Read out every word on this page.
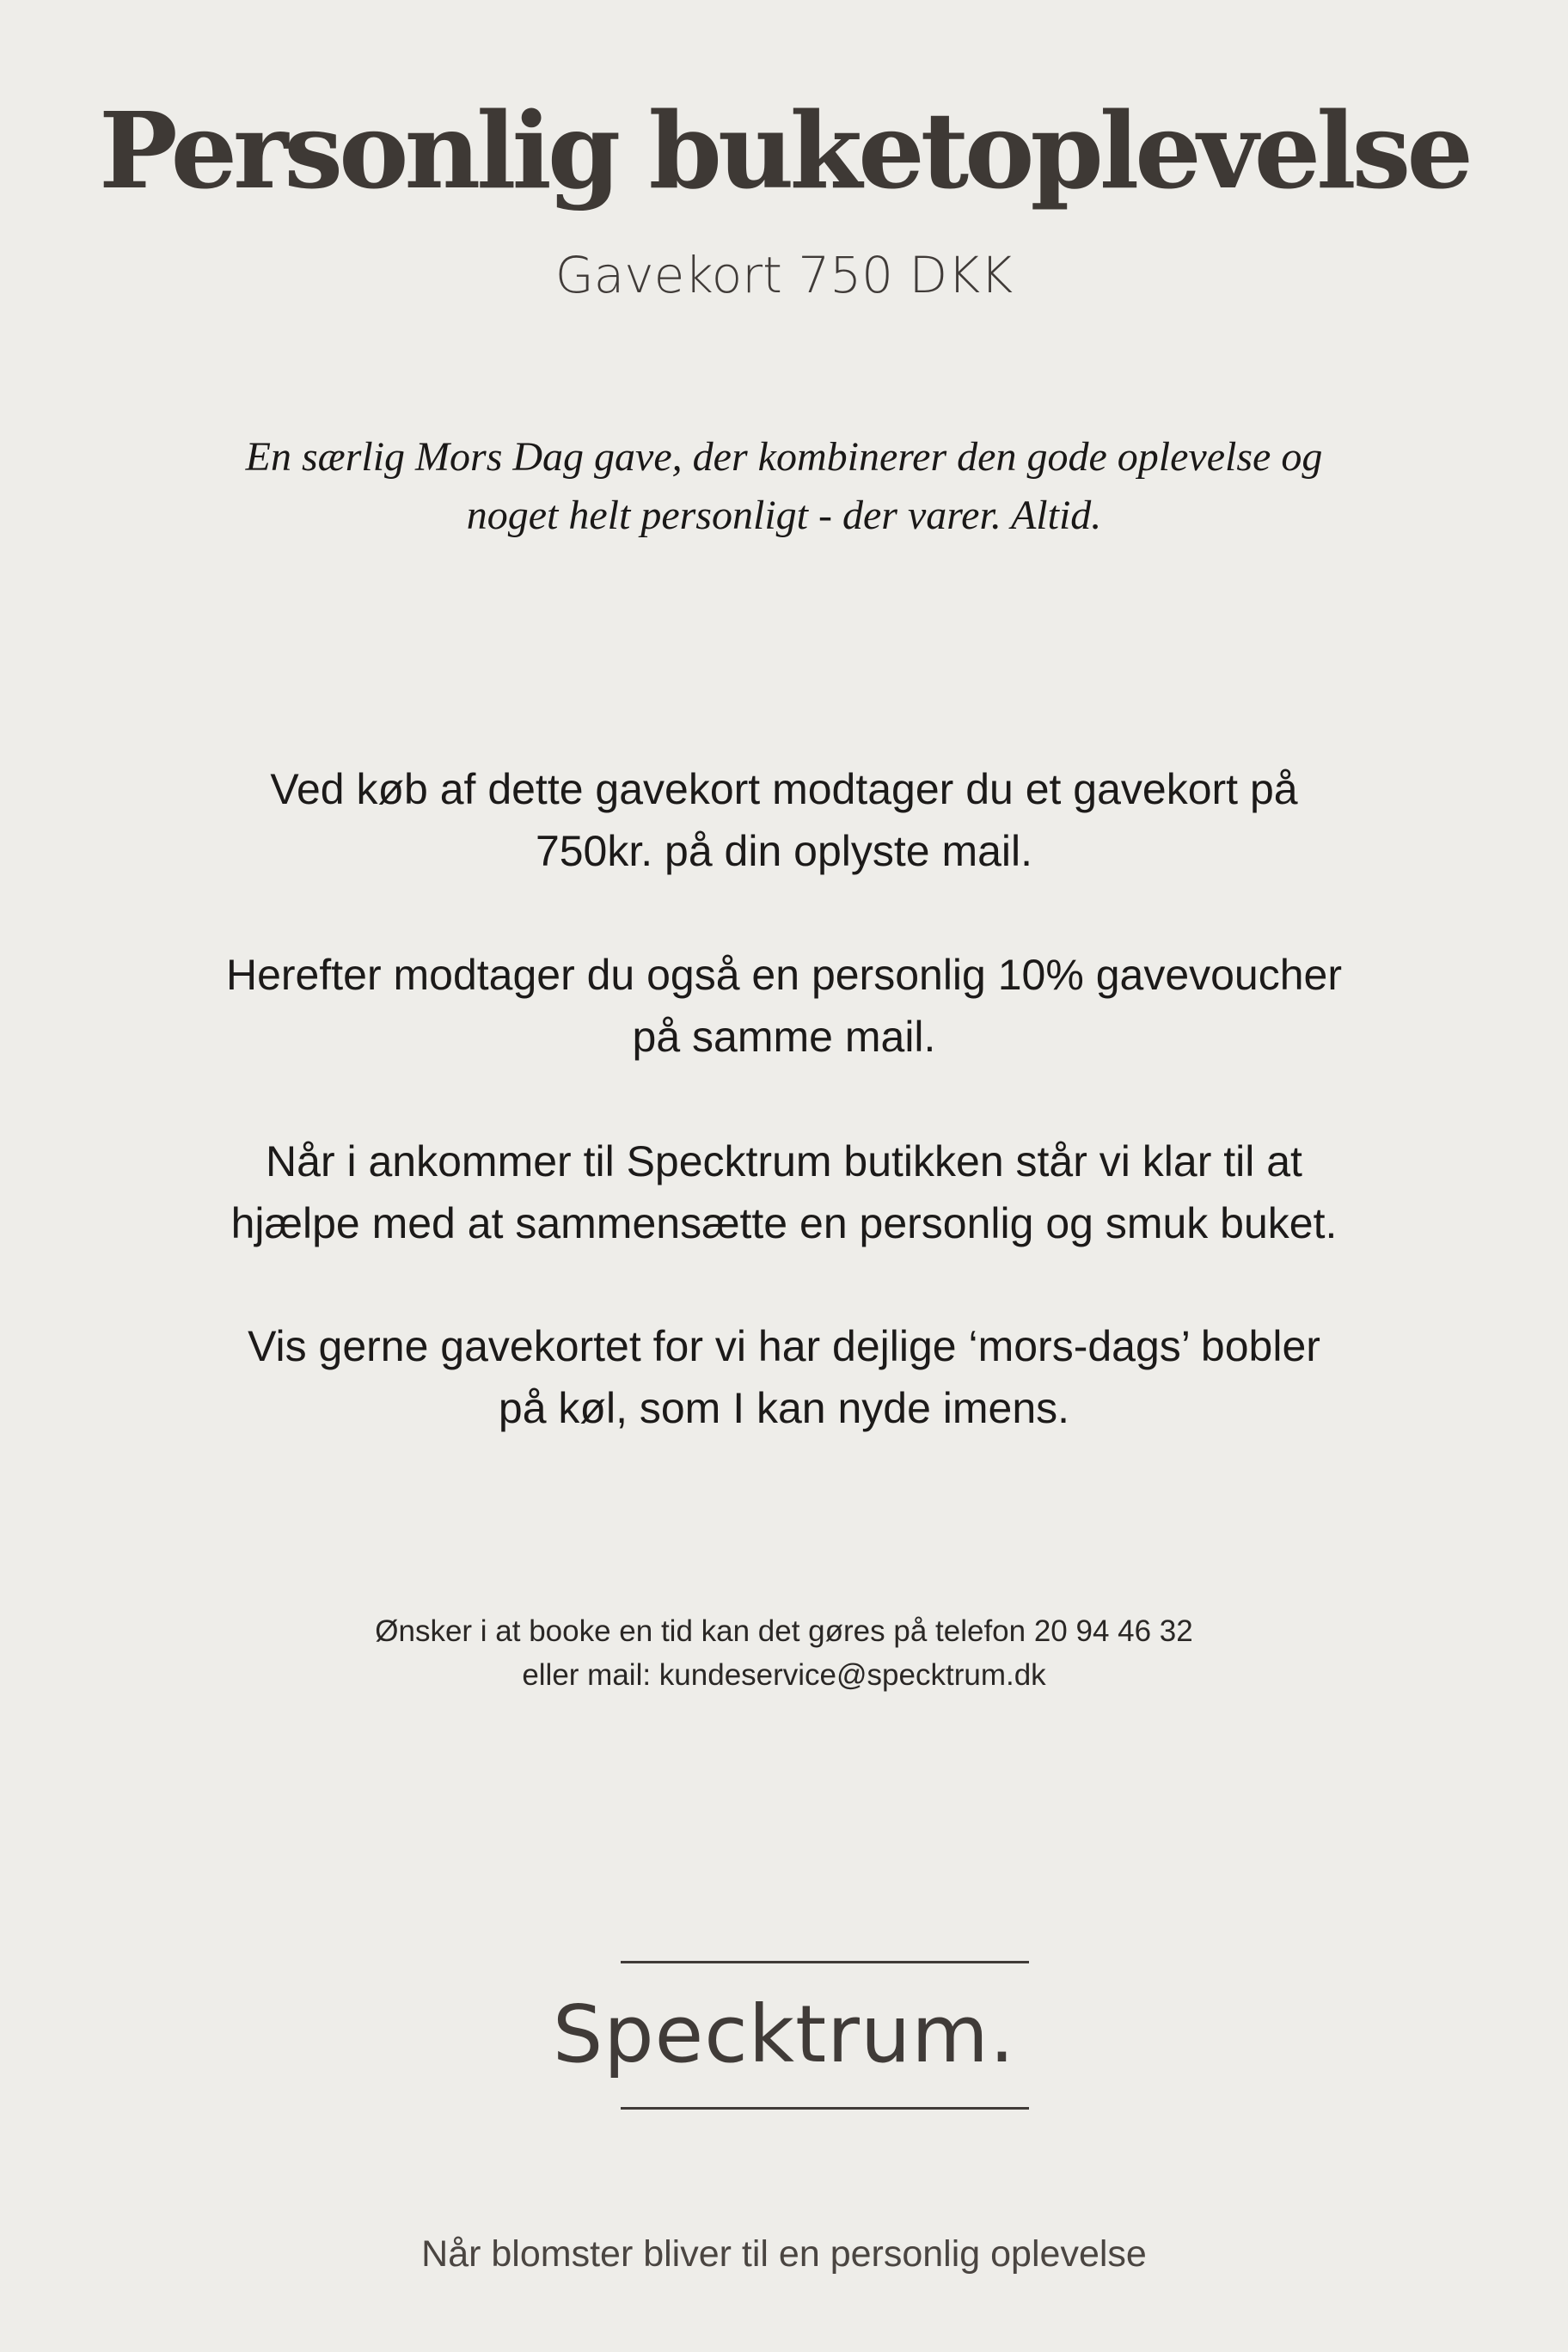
Personlig buketoplevelse
Gavekort 750 DKK
En særlig Mors Dag gave, der kombinerer den gode oplevelse og
noget helt personligt - der varer. Altid.
Ved køb af dette gavekort modtager du et gavekort på
750kr. på din oplyste mail.
Herefter modtager du også en personlig 10% gavevoucher
på samme mail.
Når i ankommer til Specktrum butikken står vi klar til at
hjælpe med at sammensætte en personlig og smuk buket.
Vis gerne gavekortet for vi har dejlige ‘mors-dags’ bobler
på køl, som I kan nyde imens.
Ønsker i at booke en tid kan det gøres på telefon 20 94 46 32
eller mail: kundeservice@specktrum.dk
Specktrum.
Når blomster bliver til en personlig oplevelse
